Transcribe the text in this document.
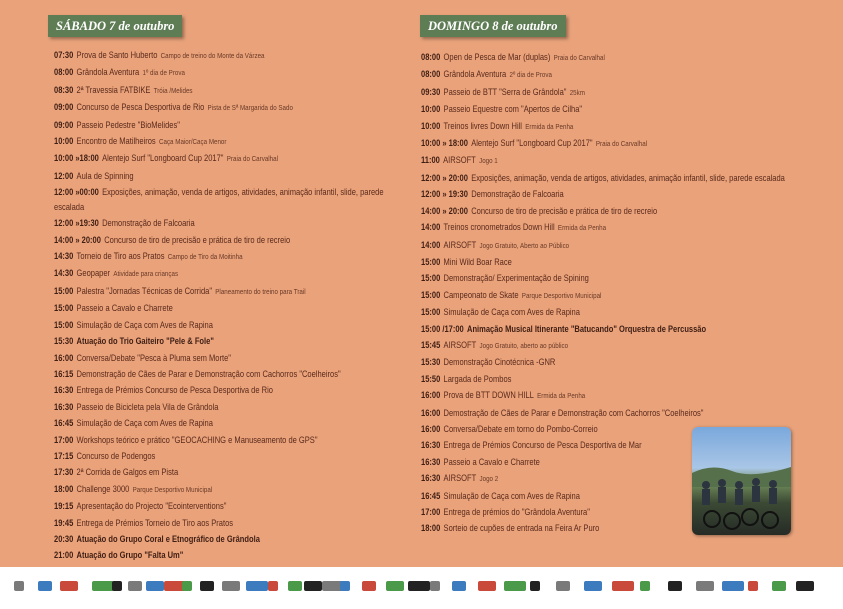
SÁBADO 7 de outubro
07:30 Prova de Santo Huberto Campo de treino do Monte da Várzea
08:00 Grândola Aventura 1º dia de Prova
08:30 2ª Travessia FATBIKE Tróia /Melides
09:00 Concurso de Pesca Desportiva de Rio Pista de Sª Margarida do Sado
09:00 Passeio Pedestre "BioMelides"
10:00 Encontro de Matilheiros Caça Maior/Caça Menor
10:00 »18:00 Alentejo Surf "Longboard Cup 2017" Praia do Carvalhal
12:00 Aula de Spinning
12:00 »00:00 Exposições, animação, venda de artigos, atividades, animação infantil, slide, parede escalada
12:00 »19:30 Demonstração de Falcoaria
14:00 » 20:00 Concurso de tiro de precisão e prática de tiro de recreio
14:30 Torneio de Tiro aos Pratos Campo de Tiro da Moitinha
14:30 Geopaper Atividade para crianças
15:00 Palestra "Jornadas Técnicas de Corrida" Planeamento do treino para Trail
15:00 Passeio a Cavalo e Charrete
15:00 Simulação de Caça com Aves de Rapina
15:30 Atuação do Trio Gaiteiro "Pele & Fole"
16:00 Conversa/Debate "Pesca à Pluma sem Morte"
16:15 Demonstração de Cães de Parar e Demonstração com Cachorros "Coelheiros"
16:30 Entrega de Prémios Concurso de Pesca Desportiva de Rio
16:30 Passeio de Bicicleta pela Vila de Grândola
16:45 Simulação de Caça com Aves de Rapina
17:00 Workshops teórico e prático "GEOCACHING e Manuseamento de GPS"
17:15 Concurso de Podengos
17:30 2ª Corrida de Galgos em Pista
18:00 Challenge 3000 Parque Desportivo Municipal
19:15 Apresentação do Projecto "Ecointerventions"
19:45 Entrega de Prémios Torneio de Tiro aos Pratos
20:30 Atuação do Grupo Coral e Etnográfico de Grândola
21:00 Atuação do Grupo "Falta Um"
DOMINGO 8 de outubro
08:00 Open de Pesca de Mar (duplas) Praia do Carvalhal
08:00 Grândola Aventura 2º dia de Prova
09:30 Passeio de BTT "Serra de Grândola" 25km
10:00 Passeio Equestre com "Apertos de Cilha"
10:00 Treinos livres Down Hill Ermida da Penha
10:00 » 18:00 Alentejo Surf "Longboard Cup 2017" Praia do Carvalhal
11:00 AIRSOFT Jogo 1
12:00 » 20:00 Exposições, animação, venda de artigos, atividades, animação infantil, slide, parede escalada
12:00 » 19:30 Demonstração de Falcoaria
14:00 » 20:00 Concurso de tiro de precisão e prática de tiro de recreio
14:00 Treinos cronometrados Down Hill Ermida da Penha
14:00 AIRSOFT Jogo Gratuito, Aberto ao Público
15:00 Mini Wild Boar Race
15:00 Demonstração/ Experimentação de Spining
15:00 Campeonato de Skate Parque Desportivo Municipal
15:00 Simulação de Caça com Aves de Rapina
15:00 /17:00 Animação Musical Itinerante "Batucando" Orquestra de Percussão
15:45 AIRSOFT Jogo Gratuito, aberto ao público
15:30 Demonstração Cinotécnica -GNR
15:50 Largada de Pombos
16:00 Prova de BTT DOWN HILL Ermida da Penha
16:00 Demostração de Cães de Parar e Demonstração com Cachorros "Coelheiros"
16:00 Conversa/Debate em torno do Pombo-Correio
16:30 Entrega de Prémios Concurso de Pesca Desportiva de Mar
16:30 Passeio a Cavalo e Charrete
16:30 AIRSOFT Jogo 2
16:45 Simulação de Caça com Aves de Rapina
17:00 Entrega de prémios do "Grândola Aventura"
18:00 Sorteio de cupões de entrada na Feira Ar Puro
